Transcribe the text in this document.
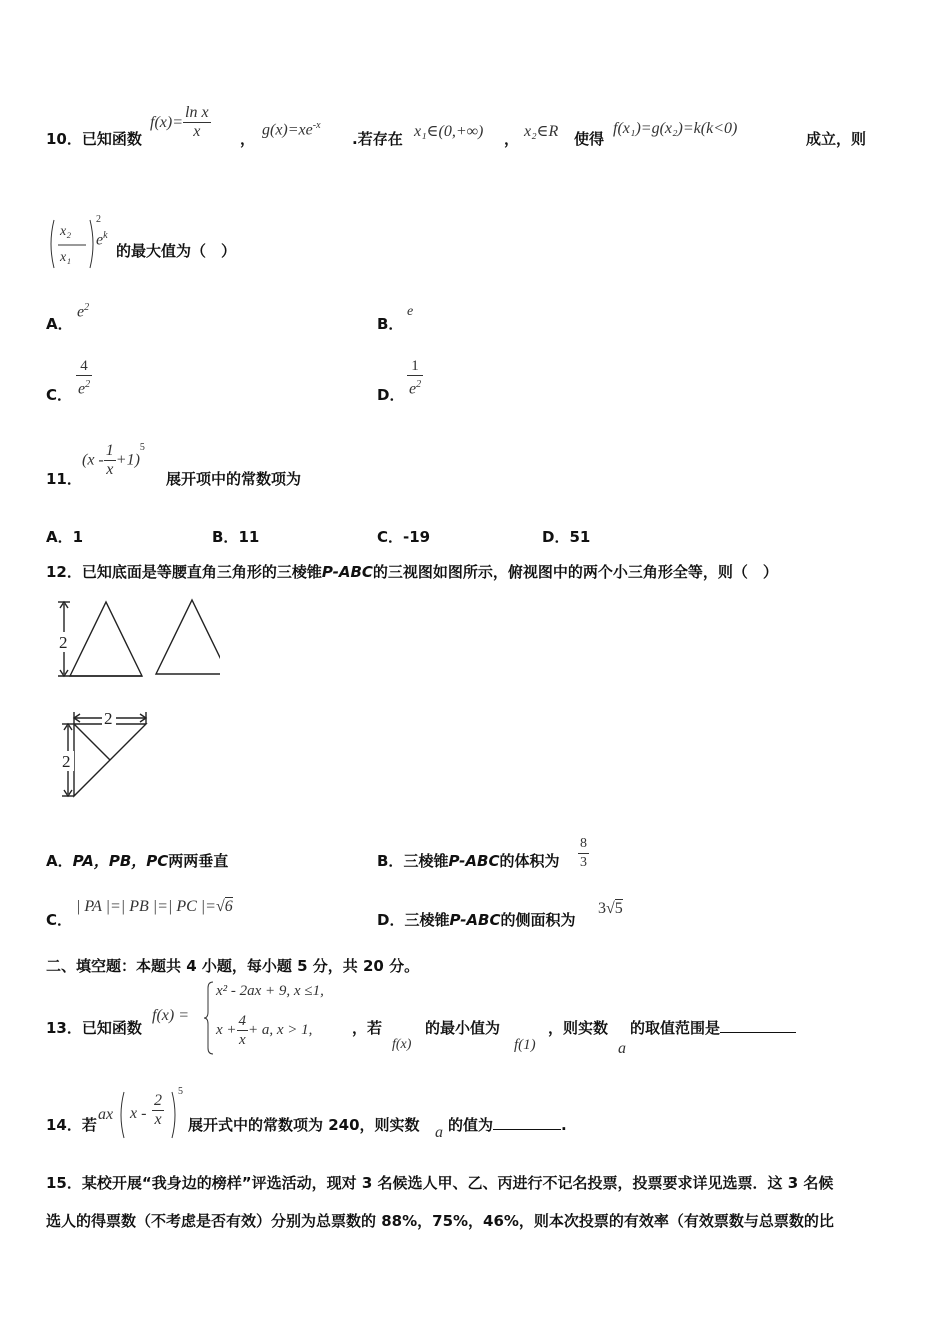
10．已知函数
$f(x)= \frac{\text{ln x}}{x}$ ，
$g(x)=xe^{-x}$
.若存在 x₁∈(0,+∞) ， x₂∈R 使得
f(x₁)=g(x₂)=k(k<0)
成立，则
x₂
x₁
2
$e^k$
的最大值为（　）
A．
$e^2$
B．
e
C． $\frac{4}{e^2}$	D． $\frac{1}{e^2}$
11．
$(x - \frac{1}{x} +1)^5$
展开项中的常数项为
A．1	B．11	C．-19	D．51
12．已知底面是等腰直角三角形的三棱锥P-ABC的三视图如图所示，俯视图中的两个小三角形全等，则（　）
2
2
2
A．PA，PB，PC两两垂直	B．三棱锥P-ABC的体积为 $\frac{8}{3}$
C．
| PA |=| PB |=| PC |=√6
D．三棱锥P-ABC的侧面积为
3√5
二、填空题：本题共 4 小题，每小题 5 分，共 20 分。
13．已知函数
f(x) =
x² - 2ax + 9, x ≤1,
$x + \frac{4}{x} + a$, x > 1,	，若
f(x)
的最小值为
f(1)
，则实数
a
的取值范围是
14．若
ax x - $\frac{2}{x}$
5
展开式中的常数项为 240，则实数 a 的值为	.
15．某校开展“我身边的榜样”评选活动，现对 3 名候选人甲、乙、丙进行不记名投票，投票要求详见选票．这 3 名候
选人的得票数（不考虑是否有效）分别为总票数的 88%，75%，46%，则本次投票的有效率（有效票数与总票数的比
